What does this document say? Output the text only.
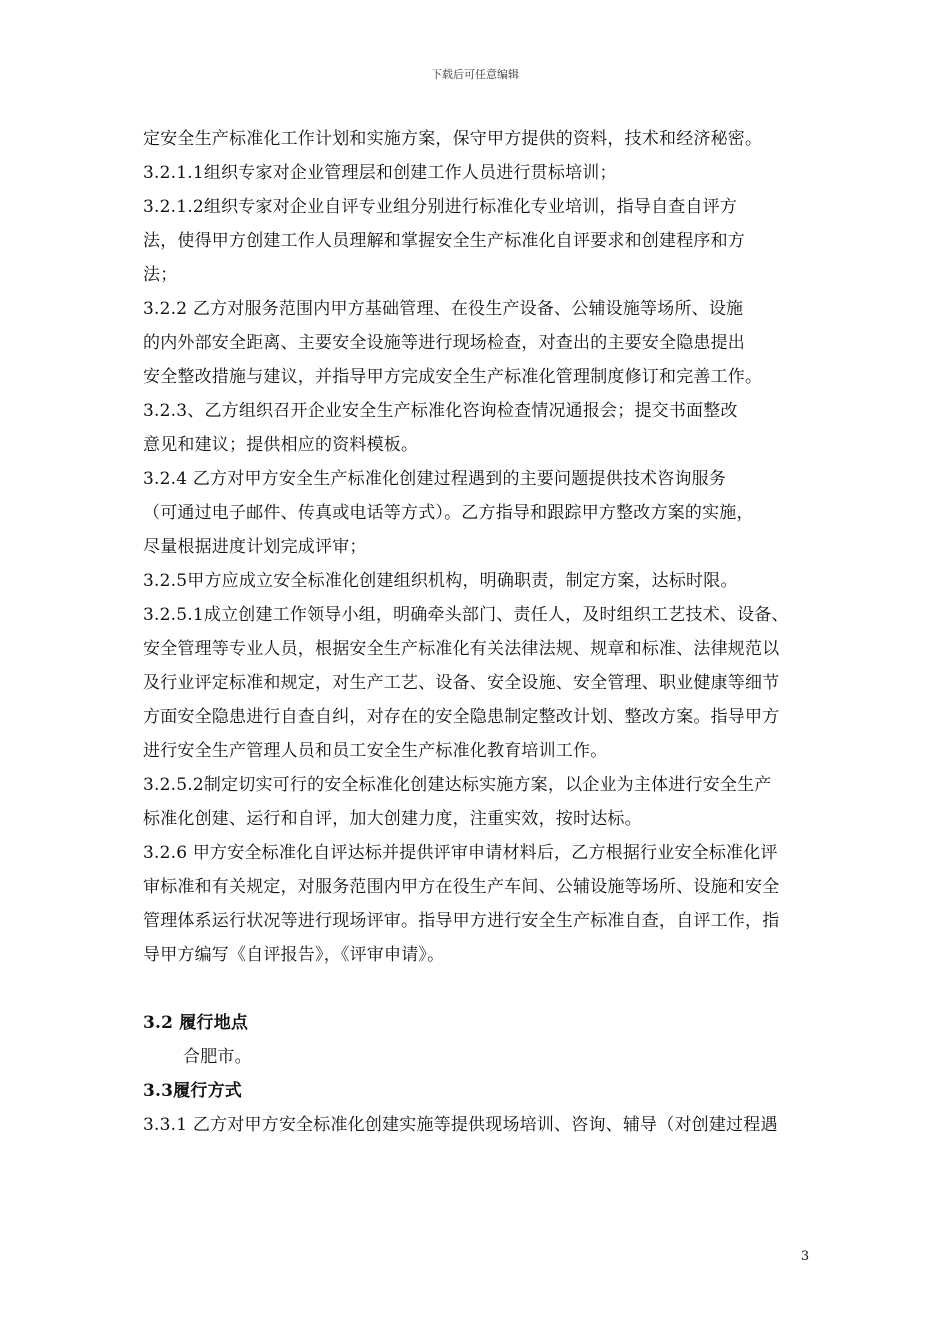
下载后可任意编辑

定安全生产标准化工作计划和实施方案，保守甲方提供的资料，技术和经济秘密。

3.2.1.1组织专家对企业管理层和创建工作人员进行贯标培训；

3.2.1.2组织专家对企业自评专业组分别进行标准化专业培训，指导自查自评方

法，使得甲方创建工作人员理解和掌握安全生产标准化自评要求和创建程序和方

法；

3.2.2 乙方对服务范围内甲方基础管理、在役生产设备、公辅设施等场所、设施

的内外部安全距离、主要安全设施等进行现场检查，对查出的主要安全隐患提出

安全整改措施与建议，并指导甲方完成安全生产标准化管理制度修订和完善工作。

3.2.3、乙方组织召开企业安全生产标准化咨询检查情况通报会；提交书面整改

意见和建议；提供相应的资料模板。

3.2.4 乙方对甲方安全生产标准化创建过程遇到的主要问题提供技术咨询服务

（可通过电子邮件、传真或电话等方式）。乙方指导和跟踪甲方整改方案的实施，

尽量根据进度计划完成评审；

3.2.5甲方应成立安全标准化创建组织机构，明确职责，制定方案，达标时限。

3.2.5.1成立创建工作领导小组，明确牵头部门、责任人，及时组织工艺技术、设备、

安全管理等专业人员，根据安全生产标准化有关法律法规、规章和标准、法律规范以

及行业评定标准和规定，对生产工艺、设备、安全设施、安全管理、职业健康等细节

方面安全隐患进行自查自纠，对存在的安全隐患制定整改计划、整改方案。指导甲方

进行安全生产管理人员和员工安全生产标准化教育培训工作。

3.2.5.2制定切实可行的安全标准化创建达标实施方案，以企业为主体进行安全生产

标准化创建、运行和自评，加大创建力度，注重实效，按时达标。

3.2.6 甲方安全标准化自评达标并提供评审申请材料后，乙方根据行业安全标准化评

审标准和有关规定，对服务范围内甲方在役生产车间、公辅设施等场所、设施和安全

管理体系运行状况等进行现场评审。指导甲方进行安全生产标准自查，自评工作，指

导甲方编写《自评报告》，《评审申请》。

3.2 履行地点

合肥市。

3.3履行方式

3.3.1 乙方对甲方安全标准化创建实施等提供现场培训、咨询、辅导（对创建过程遇

3
